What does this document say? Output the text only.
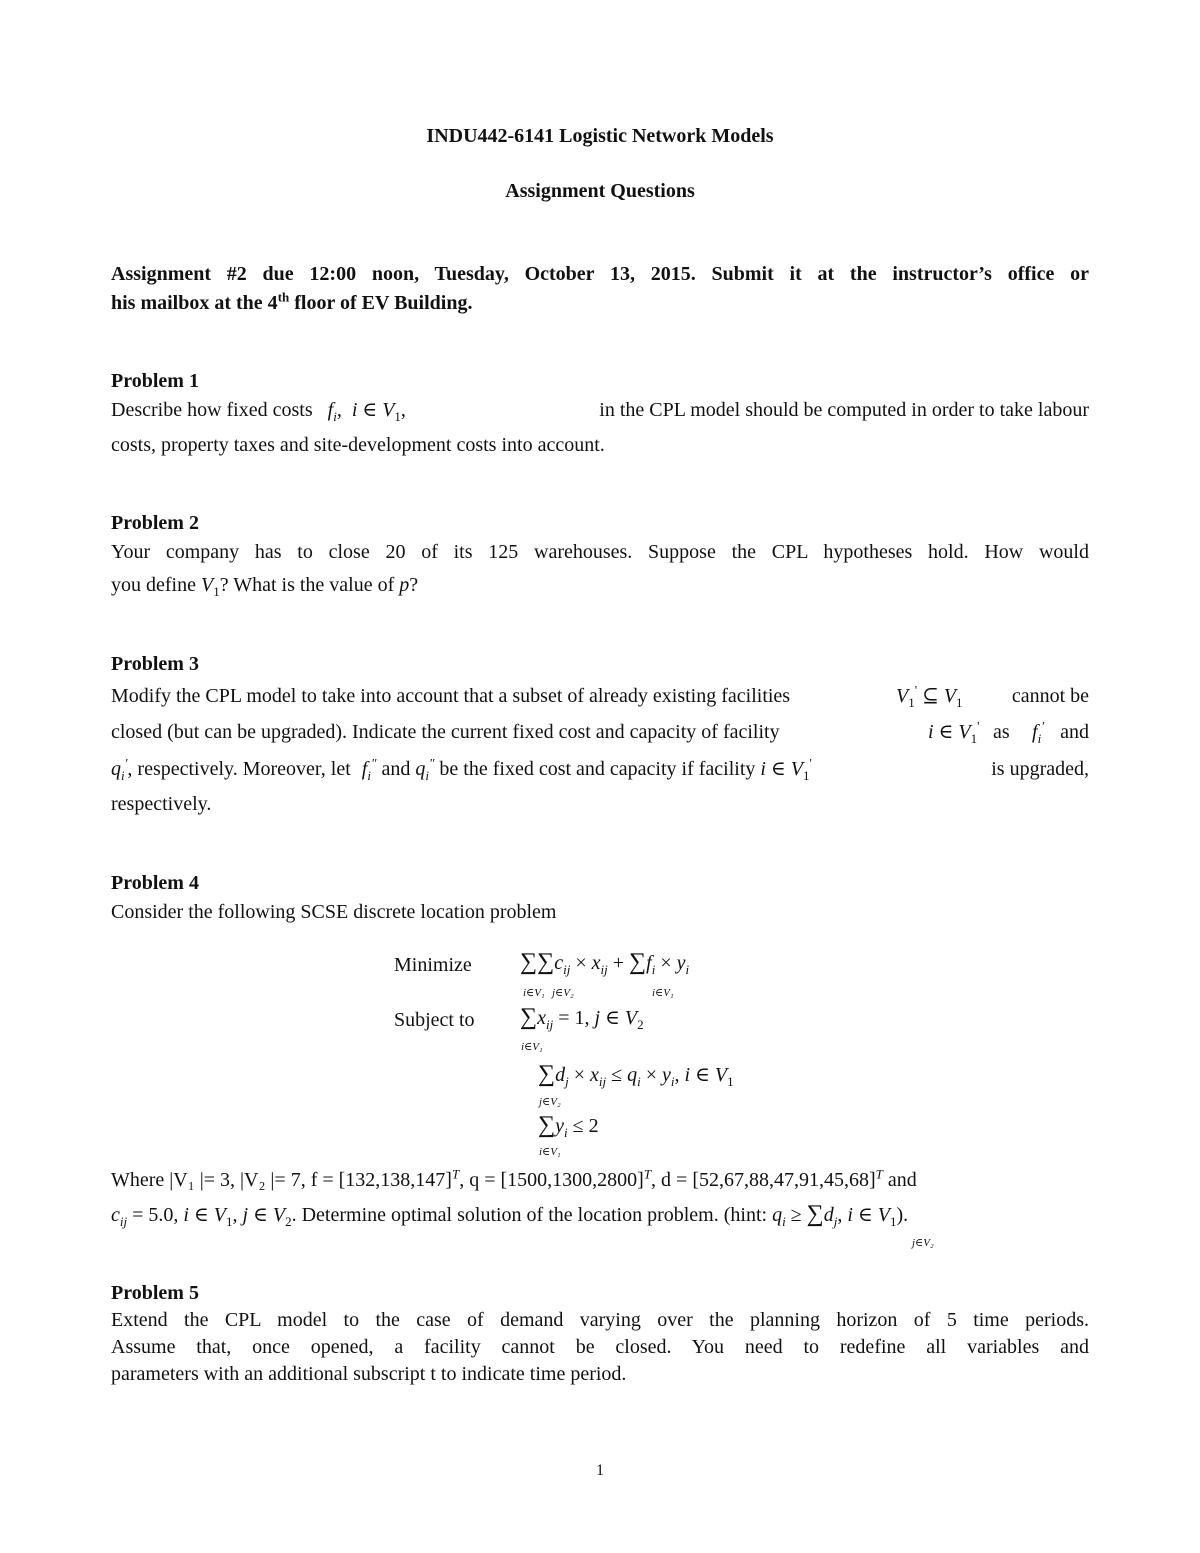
INDU442-6141 Logistic Network Models
Assignment Questions
Assignment #2 due 12:00 noon, Tuesday, October 13, 2015. Submit it at the instructor’s office or
his mailbox at the 4th floor of EV Building.
Problem 1
Describe how fixed costs $f_i$,  i ∈ $V_1$,	in the CPL model should be computed in order to take labour
costs, property taxes and site-development costs into account.
Problem 2
Your company has to close 20 of its 125 warehouses. Suppose the CPL hypotheses hold. How would
you define $V_1$? What is the value of p?
Problem 3
Modify the CPL model to take into account that a subset of already existing facilities	$V_1'$ ⊆ $V_1$ cannot be
closed (but can be upgraded). Indicate the current fixed cost and capacity of facility	i ∈ $V_1'$ as $f_i'$ and
$q_i'$, respectively. Moreover, let $f_i^"$ and $q_i^"$ be the fixed cost and capacity if facility i ∈ $V_1'$	is upgraded,
respectively.
Problem 4
Consider the following SCSE discrete location problem
Minimize $\sum\sum c_{ij} \times x_{ij} + \sum f_i \times y_i$
i∈V₁ j∈V₂	i∈V₁
Subject to $\sum x_{ij} = 1$, j ∈ $V_2$
i∈V₁
$\sum d_j \times x_{ij} \le q_i \times y_i$, i ∈ $V_1$
j∈V₂
$\sum y_i \le 2$
i∈V₁
Where |V₁ |= 3, |V₂ |= 7, $f = [132,138,147]^T$, $q = [1500,1300,2800]^T$, $d = [52,67,88,47,91,45,68]^T$ and
$c_{ij} = 5.0$, i ∈ $V_1$, j ∈ $V_2$. Determine optimal solution of the location problem. (hint: $q_i \ge \sum d_j$, i ∈ $V_1$).
j∈V₂
Problem 5
Extend the CPL model to the case of demand varying over the planning horizon of 5 time periods.
Assume that, once opened, a facility cannot be closed. You need to redefine all variables and
parameters with an additional subscript t to indicate time period.
1
